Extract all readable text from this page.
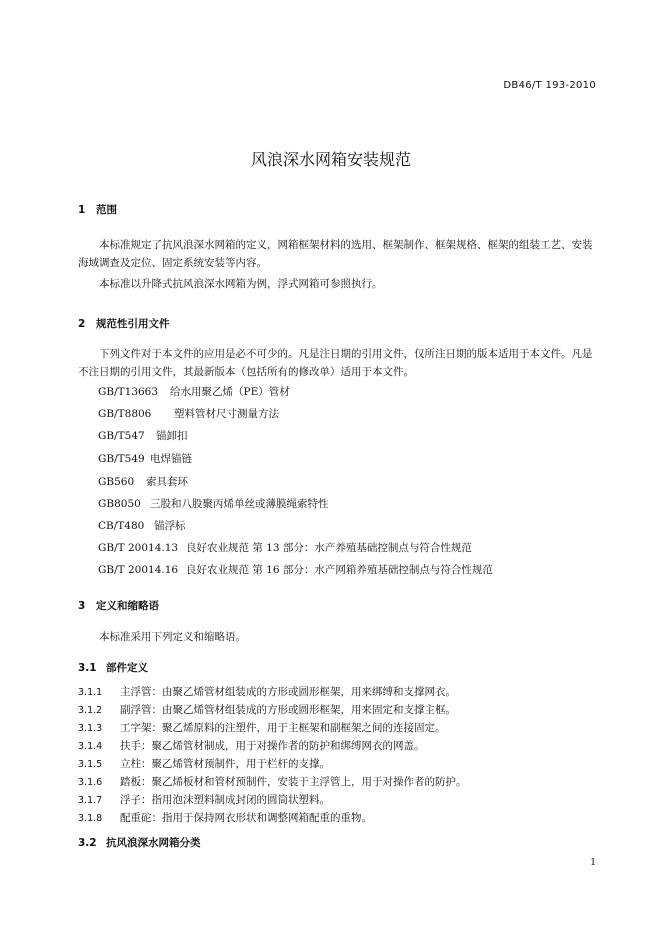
DB46/T 193-2010
风浪深水网箱安装规范
1 范围
本标准规定了抗风浪深水网箱的定义，网箱框架材料的选用、框架制作、框架规格、框架的组装工艺、安装海域调查及定位、固定系统安装等内容。
本标准以升降式抗风浪深水网箱为例，浮式网箱可参照执行。
2 规范性引用文件
下列文件对于本文件的应用是必不可少的。凡是注日期的引用文件，仅所注日期的版本适用于本文件。凡是不注日期的引用文件，其最新版本（包括所有的修改单）适用于本文件。
GB/T13663 给水用聚乙烯（PE）管材
GB/T8806 塑料管材尺寸测量方法
GB/T547 锚卸扣
GB/T549 电焊锚链
GB560 索具套环
GB8050 三股和八股聚丙烯单丝或薄膜绳索特性
CB/T480 锚浮标
GB/T 20014.13 良好农业规范 第 13 部分：水产养殖基础控制点与符合性规范
GB/T 20014.16 良好农业规范 第 16 部分：水产网箱养殖基础控制点与符合性规范
3 定义和缩略语
本标准采用下列定义和缩略语。
3.1 部件定义
3.1.1 主浮管：由聚乙烯管材组装成的方形或圆形框架，用来绑缚和支撑网衣。
3.1.2 副浮管：由聚乙烯管材组装成的方形或圆形框架，用来固定和支撑主框。
3.1.3 工字架：聚乙烯原料的注塑件，用于主框架和副框架之间的连接固定。
3.1.4 扶手：聚乙烯管材制成，用于对操作者的防护和绑缚网衣的网盖。
3.1.5 立柱：聚乙烯管材预制件，用于栏杆的支撑。
3.1.6 踏板：聚乙烯板材和管材预制件，安装于主浮管上，用于对操作者的防护。
3.1.7 浮子：指用泡沫塑料制成封闭的圆筒状塑料。
3.1.8 配重砣：指用于保持网衣形状和调整网箱配重的重物。
3.2 抗风浪深水网箱分类
1
